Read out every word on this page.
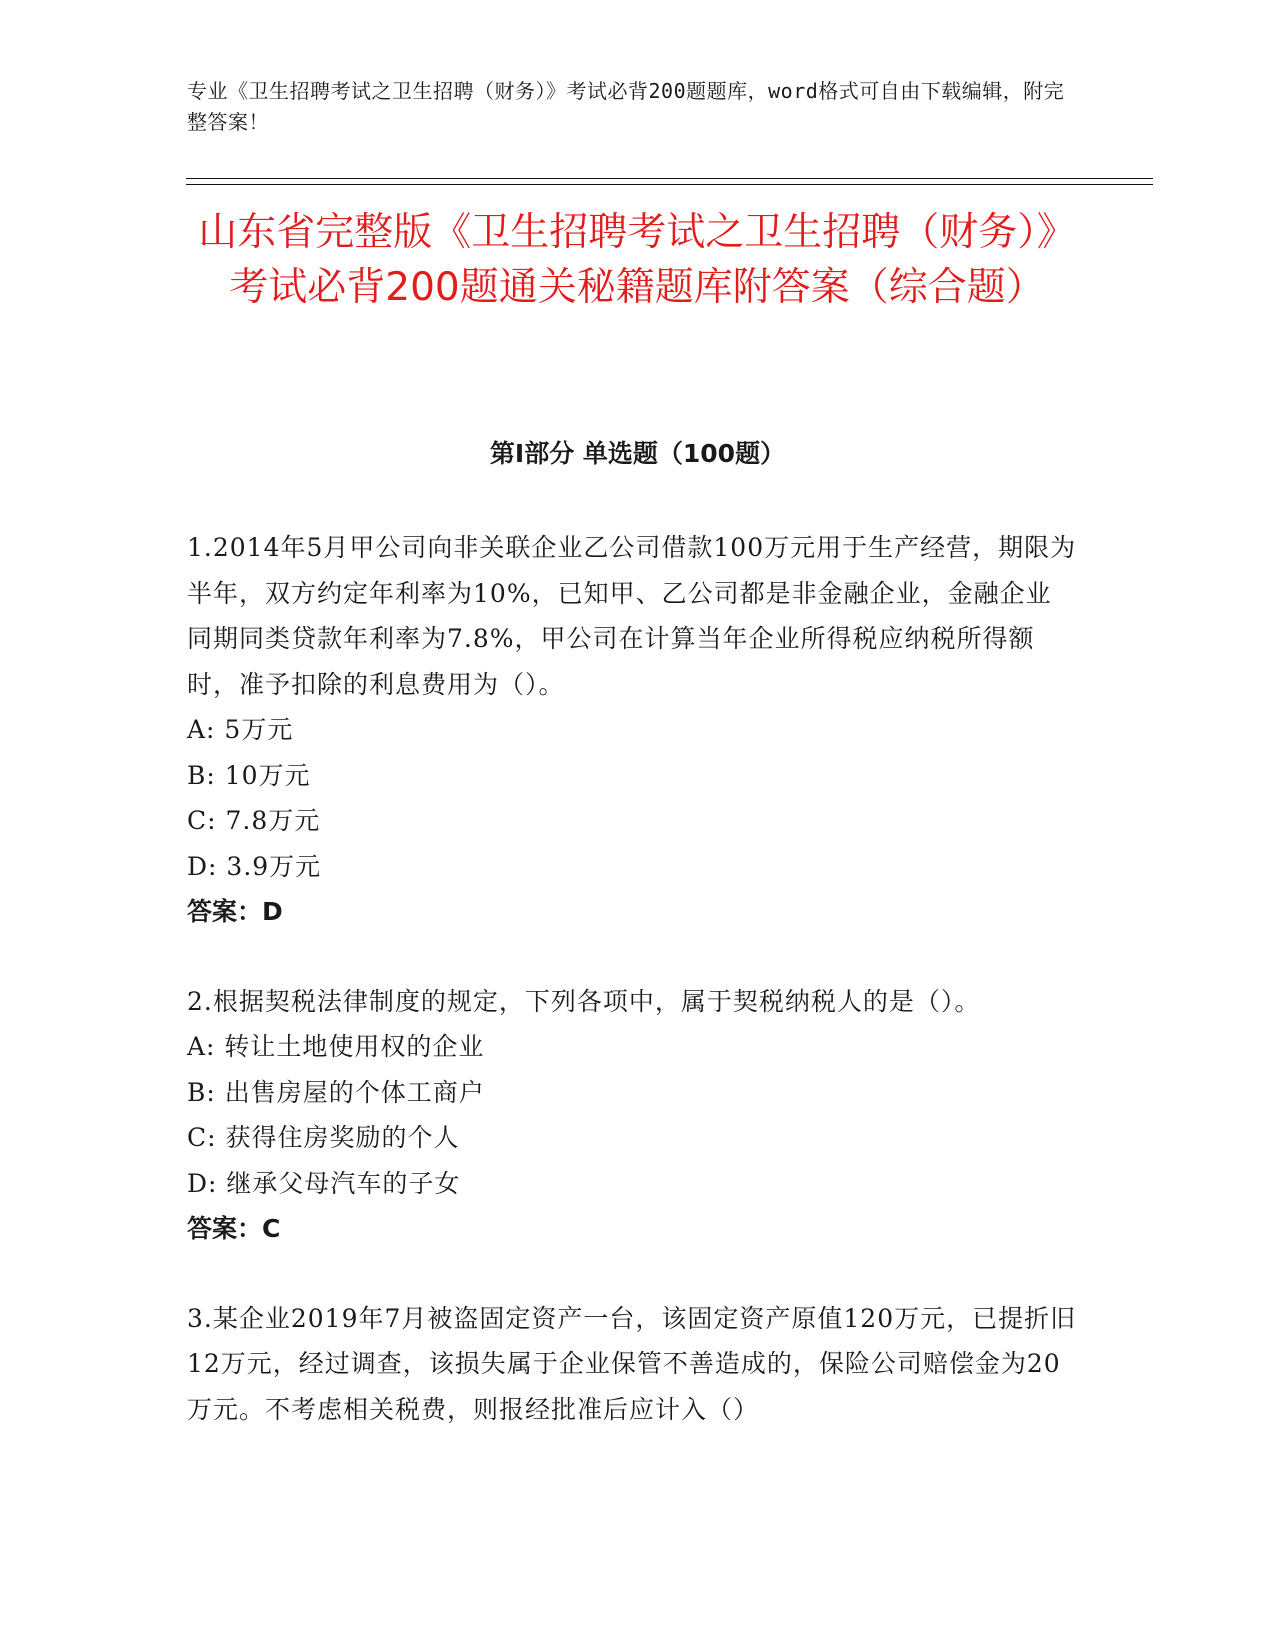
专业《卫生招聘考试之卫生招聘（财务）》考试必背200题题库，word格式可自由下载编辑，附完整答案！
山东省完整版《卫生招聘考试之卫生招聘（财务）》考试必背200题通关秘籍题库附答案（综合题）
第Ⅰ部分 单选题（100题）
1.2014年5月甲公司向非关联企业乙公司借款100万元用于生产经营，期限为半年，双方约定年利率为10%，已知甲、乙公司都是非金融企业，金融企业同期同类贷款年利率为7.8%，甲公司在计算当年企业所得税应纳税所得额时，准予扣除的利息费用为（）。
A: 5万元
B: 10万元
C: 7.8万元
D: 3.9万元
答案：D
2.根据契税法律制度的规定，下列各项中，属于契税纳税人的是（）。
A: 转让土地使用权的企业
B: 出售房屋的个体工商户
C: 获得住房奖励的个人
D: 继承父母汽车的子女
答案：C
3.某企业2019年7月被盗固定资产一台，该固定资产原值120万元，已提折旧12万元，经过调查，该损失属于企业保管不善造成的，保险公司赔偿金为20万元。不考虑相关税费，则报经批准后应计入（）
